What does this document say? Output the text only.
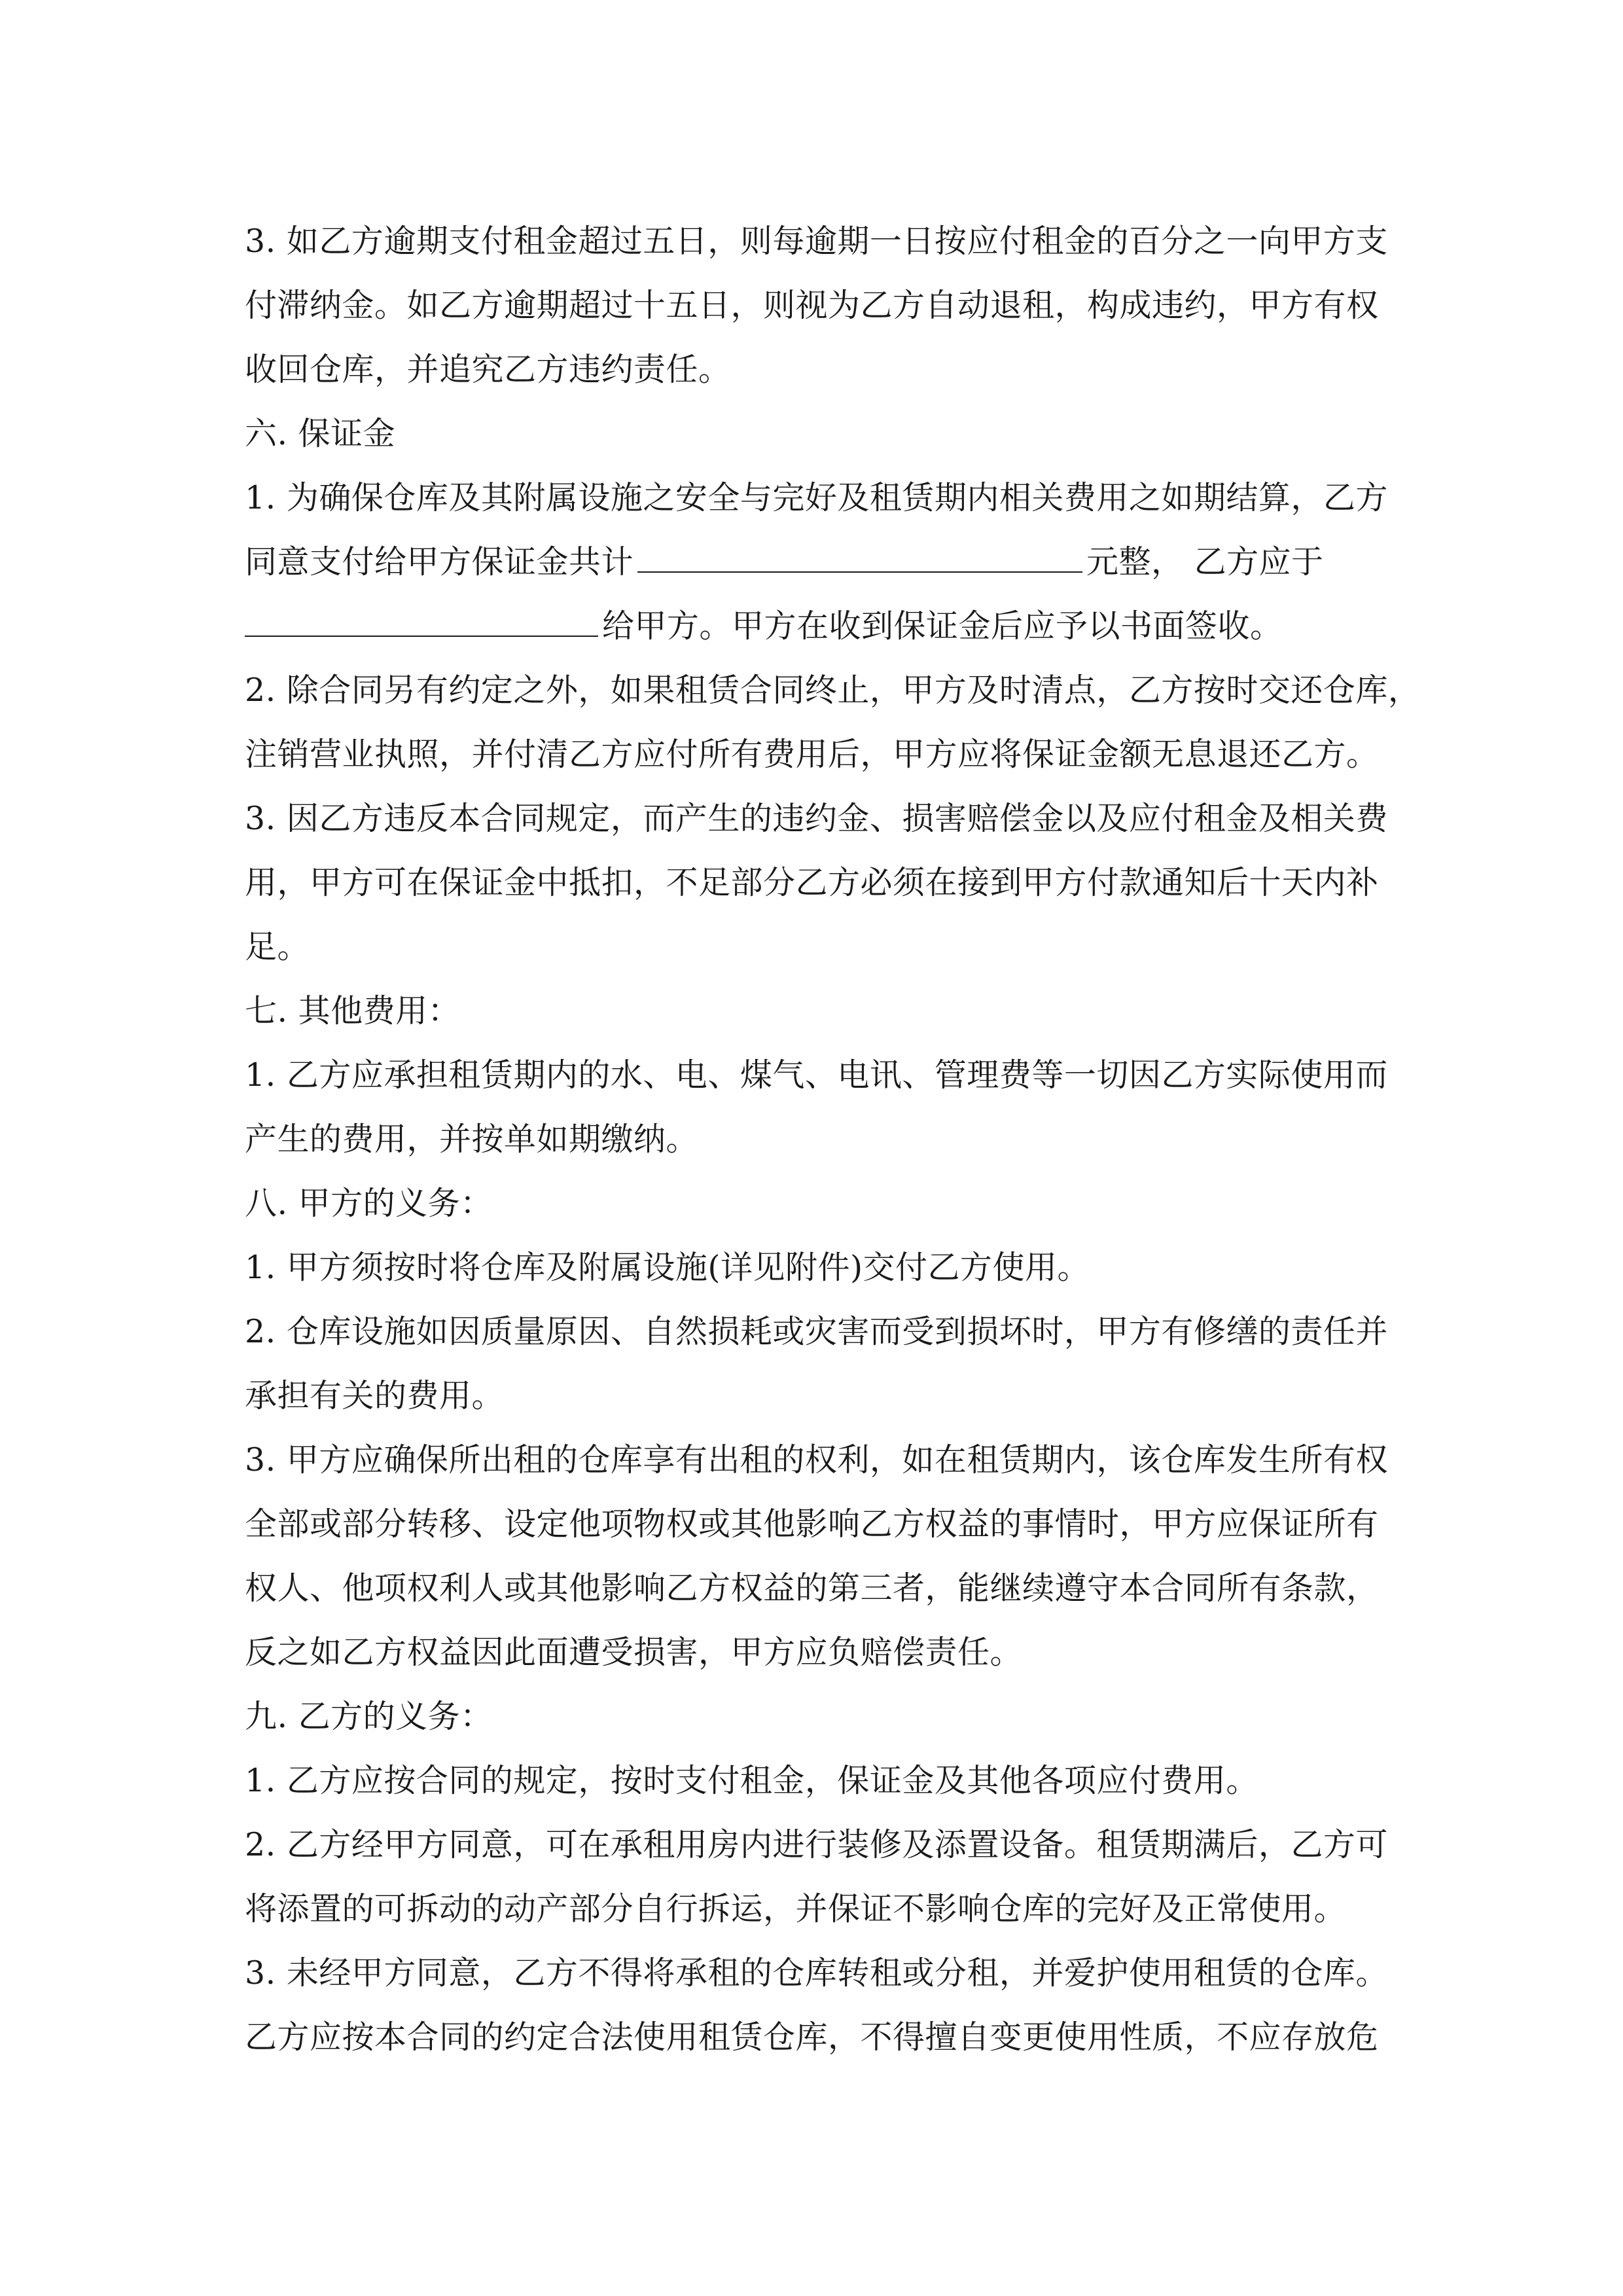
3. 如乙方逾期支付租金超过五日，则每逾期一日按应付租金的百分之一向甲方支
付滞纳金。如乙方逾期超过十五日，则视为乙方自动退租，构成违约，甲方有权
收回仓库，并追究乙方违约责任。
六. 保证金
1. 为确保仓库及其附属设施之安全与完好及租赁期内相关费用之如期结算，乙方
同意支付给甲方保证金共计	元整， 乙方应于
给甲方。甲方在收到保证金后应予以书面签收。
2. 除合同另有约定之外，如果租赁合同终止，甲方及时清点，乙方按时交还仓库，
注销营业执照，并付清乙方应付所有费用后，甲方应将保证金额无息退还乙方。
3. 因乙方违反本合同规定，而产生的违约金、损害赔偿金以及应付租金及相关费
用，甲方可在保证金中抵扣，不足部分乙方必须在接到甲方付款通知后十天内补
足。
七. 其他费用：
1. 乙方应承担租赁期内的水、电、煤气、电讯、管理费等一切因乙方实际使用而
产生的费用，并按单如期缴纳。
八. 甲方的义务：
1. 甲方须按时将仓库及附属设施(详见附件)交付乙方使用。
2. 仓库设施如因质量原因、自然损耗或灾害而受到损坏时，甲方有修缮的责任并
承担有关的费用。
3. 甲方应确保所出租的仓库享有出租的权利，如在租赁期内，该仓库发生所有权
全部或部分转移、设定他项物权或其他影响乙方权益的事情时，甲方应保证所有
权人、他项权利人或其他影响乙方权益的第三者，能继续遵守本合同所有条款，
反之如乙方权益因此面遭受损害，甲方应负赔偿责任。
九. 乙方的义务：
1. 乙方应按合同的规定，按时支付租金，保证金及其他各项应付费用。
2. 乙方经甲方同意，可在承租用房内进行装修及添置设备。租赁期满后，乙方可
将添置的可拆动的动产部分自行拆运，并保证不影响仓库的完好及正常使用。
3. 未经甲方同意，乙方不得将承租的仓库转租或分租，并爱护使用租赁的仓库。
乙方应按本合同的约定合法使用租赁仓库，不得擅自变更使用性质，不应存放危
